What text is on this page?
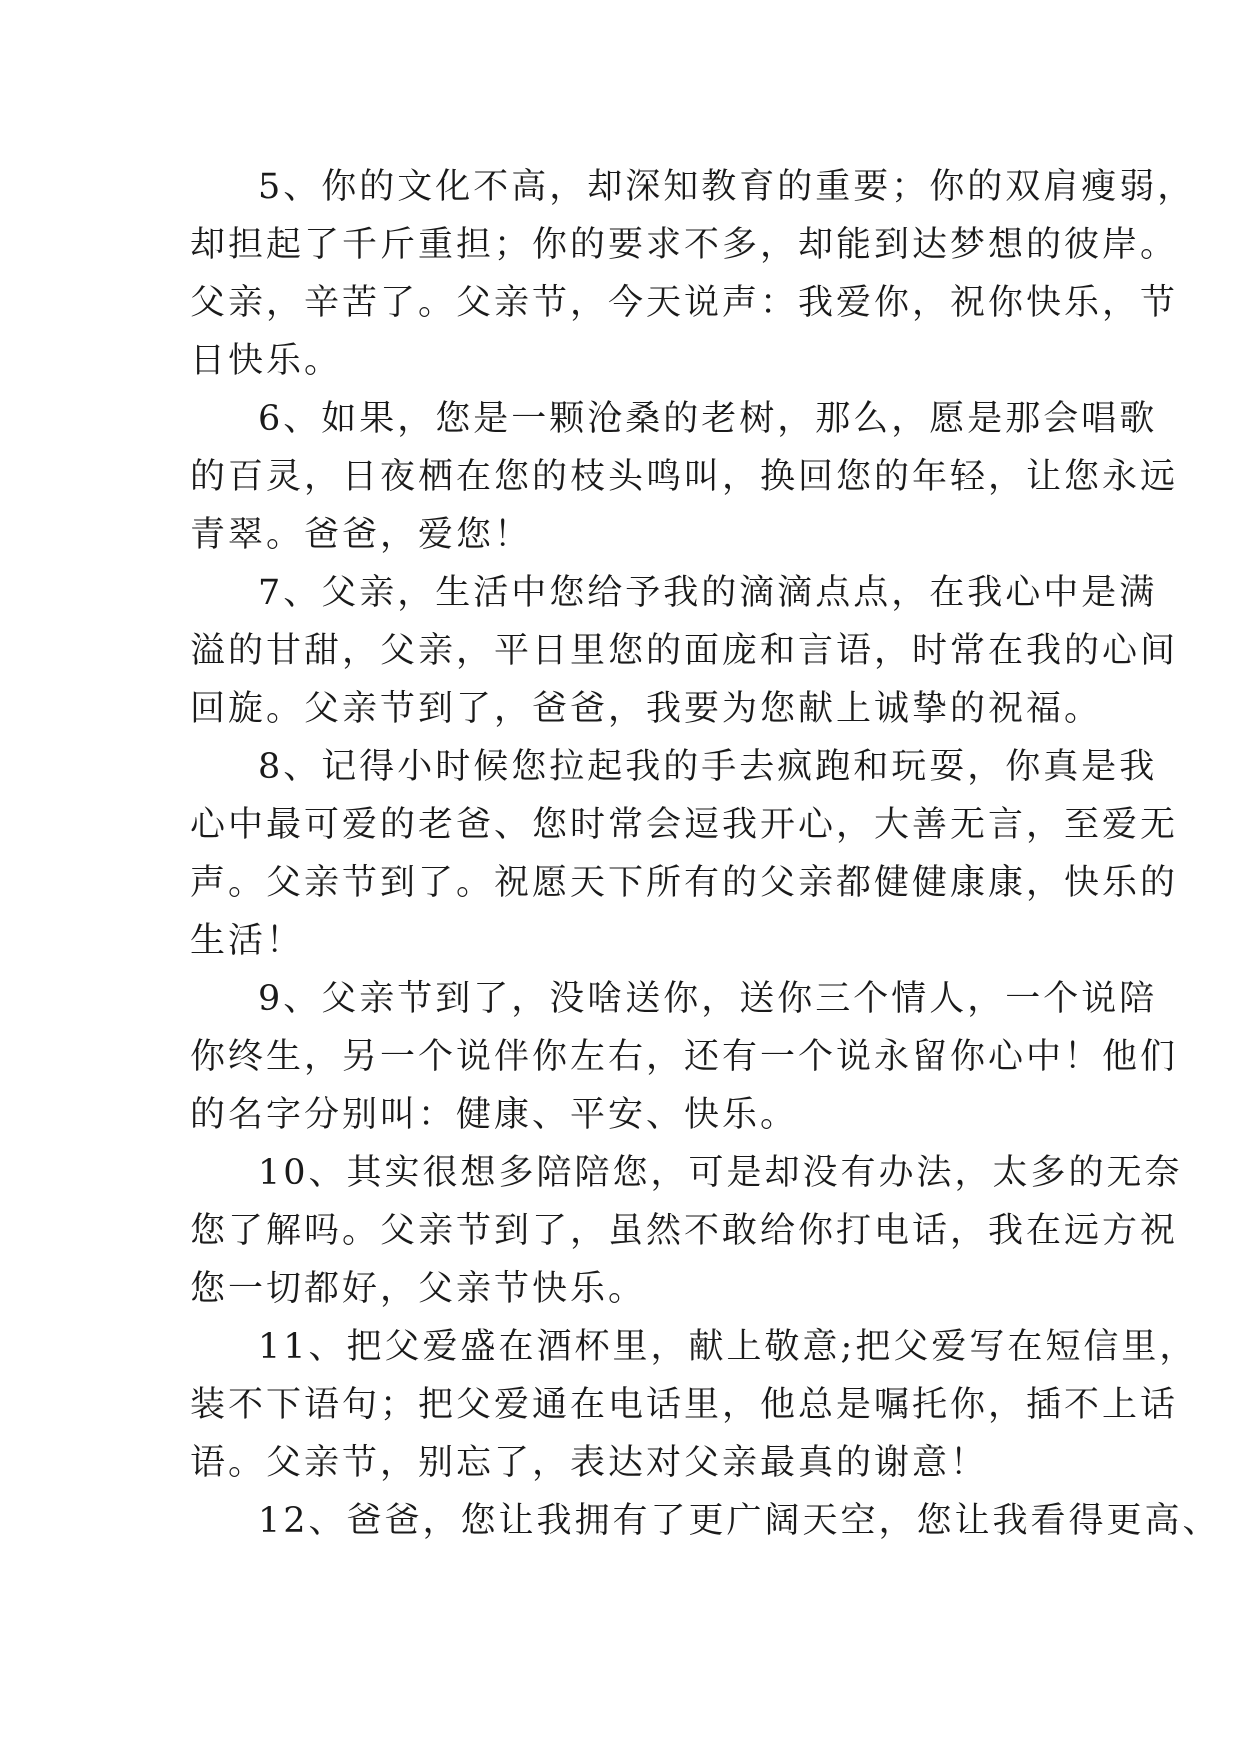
5、你的文化不高，却深知教育的重要；你的双肩瘦弱，
却担起了千斤重担；你的要求不多，却能到达梦想的彼岸。
父亲，辛苦了。父亲节，今天说声：我爱你，祝你快乐，节
日快乐。
6、如果，您是一颗沧桑的老树，那么，愿是那会唱歌
的百灵，日夜栖在您的枝头鸣叫，换回您的年轻，让您永远
青翠。爸爸，爱您！
7、父亲，生活中您给予我的滴滴点点，在我心中是满
溢的甘甜，父亲，平日里您的面庞和言语，时常在我的心间
回旋。父亲节到了，爸爸，我要为您献上诚挚的祝福。
8、记得小时候您拉起我的手去疯跑和玩耍，你真是我
心中最可爱的老爸、您时常会逗我开心，大善无言，至爱无
声。父亲节到了。祝愿天下所有的父亲都健健康康，快乐的
生活！
9、父亲节到了，没啥送你，送你三个情人，一个说陪
你终生，另一个说伴你左右，还有一个说永留你心中！他们
的名字分别叫：健康、平安、快乐。
10、其实很想多陪陪您，可是却没有办法，太多的无奈
您了解吗。父亲节到了，虽然不敢给你打电话，我在远方祝
您一切都好，父亲节快乐。
11、把父爱盛在酒杯里，献上敬意;把父爱写在短信里，
装不下语句；把父爱通在电话里，他总是嘱托你，插不上话
语。父亲节，别忘了，表达对父亲最真的谢意！
12、爸爸，您让我拥有了更广阔天空，您让我看得更高、
